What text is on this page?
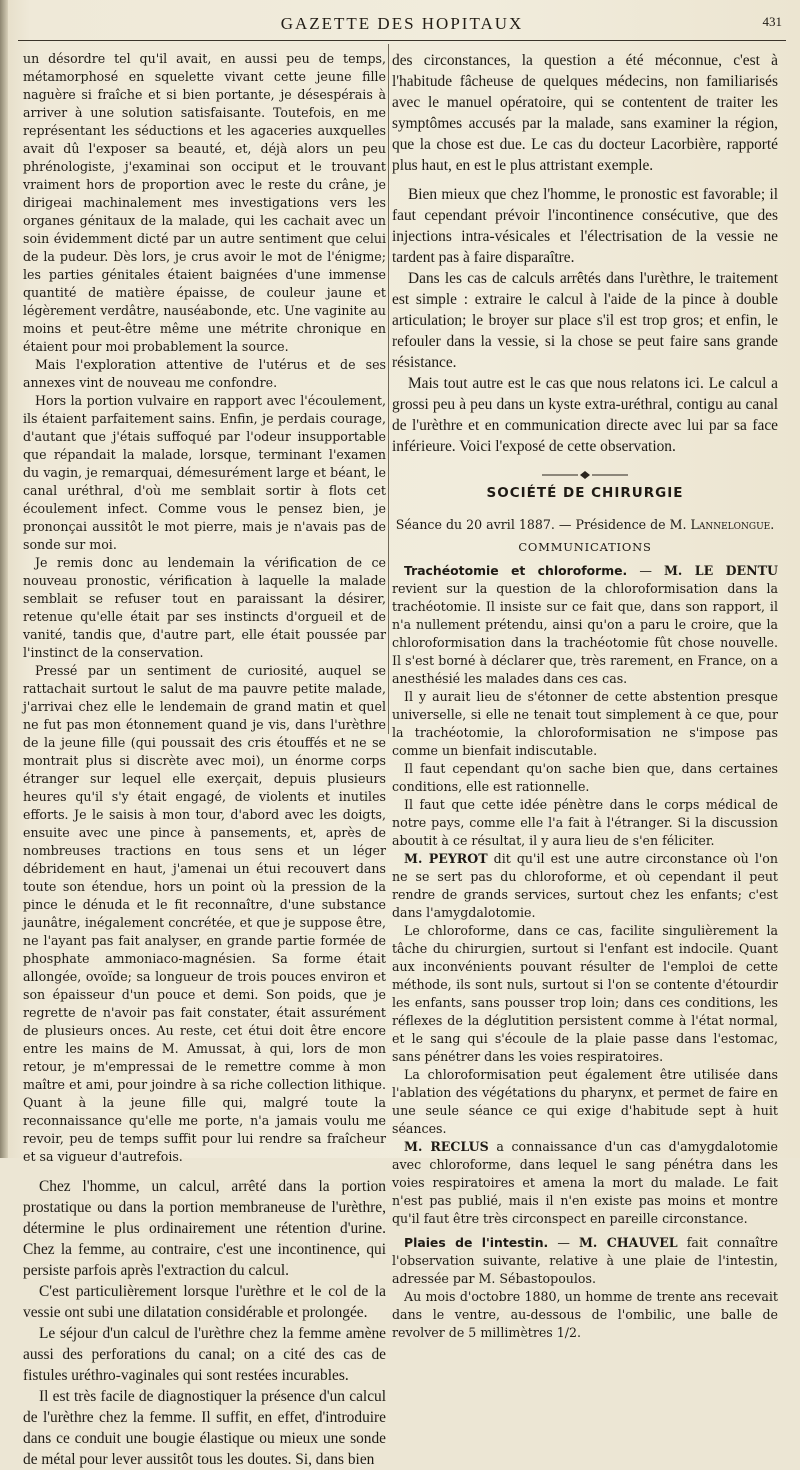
GAZETTE DES HOPITAUX	431

un désordre tel qu'il avait, en aussi peu de temps, métamorphosé en squelette vivant cette jeune fille naguère si fraîche et si bien portante, je désespérais à arriver à une solution satisfaisante. Toutefois, en me représentant les séductions et les agaceries auxquelles avait dû l'exposer sa beauté, et, déjà alors un peu phrénologiste, j'examinai son occiput et le trouvant vraiment hors de proportion avec le reste du crâne, je dirigeai machinalement mes investigations vers les organes génitaux de la malade, qui les cachait avec un soin évidemment dicté par un autre sentiment que celui de la pudeur. Dès lors, je crus avoir le mot de l'énigme; les parties génitales étaient baignées d'une immense quantité de matière épaisse, de couleur jaune et légèrement verdâtre, nauséabonde, etc. Une vaginite au moins et peut-être même une métrite chronique en étaient pour moi probablement la source.

Mais l'exploration attentive de l'utérus et de ses annexes vint de nouveau me confondre.

Hors la portion vulvaire en rapport avec l'écoulement, ils étaient parfaitement sains. Enfin, je perdais courage, d'autant que j'étais suffoqué par l'odeur insupportable que répandait la malade, lorsque, terminant l'examen du vagin, je remarquai, démesurément large et béant, le canal uréthral, d'où me semblait sortir à flots cet écoulement infect. Comme vous le pensez bien, je prononçai aussitôt le mot pierre, mais je n'avais pas de sonde sur moi.

Je remis donc au lendemain la vérification de ce nouveau pronostic, vérification à laquelle la malade semblait se refuser tout en paraissant la désirer, retenue qu'elle était par ses instincts d'orgueil et de vanité, tandis que, d'autre part, elle était poussée par l'instinct de la conservation.

Pressé par un sentiment de curiosité, auquel se rattachait surtout le salut de ma pauvre petite malade, j'arrivai chez elle le lendemain de grand matin et quel ne fut pas mon étonnement quand je vis, dans l'urèthre de la jeune fille (qui poussait des cris étouffés et ne se montrait plus si discrète avec moi), un énorme corps étranger sur lequel elle exerçait, depuis plusieurs heures qu'il s'y était engagé, de violents et inutiles efforts. Je le saisis à mon tour, d'abord avec les doigts, ensuite avec une pince à pansements, et, après de nombreuses tractions en tous sens et un léger débridement en haut, j'amenai un étui recouvert dans toute son étendue, hors un point où la pression de la pince le dénuda et le fit reconnaître, d'une substance jaunâtre, inégalement concrétée, et que je suppose être, ne l'ayant pas fait analyser, en grande partie formée de phosphate ammoniaco-magnésien. Sa forme était allongée, ovoïde; sa longueur de trois pouces environ et son épaisseur d'un pouce et demi. Son poids, que je regrette de n'avoir pas fait constater, était assurément de plusieurs onces. Au reste, cet étui doit être encore entre les mains de M. Amussat, à qui, lors de mon retour, je m'empressai de le remettre comme à mon maître et ami, pour joindre à sa riche collection lithique. Quant à la jeune fille qui, malgré toute la reconnaissance qu'elle me porte, n'a jamais voulu me revoir, peu de temps suffit pour lui rendre sa fraîcheur et sa vigueur d'autrefois.

Chez l'homme, un calcul, arrêté dans la portion prostatique ou dans la portion membraneuse de l'urèthre, détermine le plus ordinairement une rétention d'urine. Chez la femme, au contraire, c'est une incontinence, qui persiste parfois après l'extraction du calcul.

C'est particulièrement lorsque l'urèthre et le col de la vessie ont subi une dilatation considérable et prolongée.

Le séjour d'un calcul de l'urèthre chez la femme amène aussi des perforations du canal; on a cité des cas de fistules uréthro-vaginales qui sont restées incurables.

Il est très facile de diagnostiquer la présence d'un calcul de l'urèthre chez la femme. Il suffit, en effet, d'introduire dans ce conduit une bougie élastique ou mieux une sonde de métal pour lever aussitôt tous les doutes. Si, dans bien

des circonstances, la question a été méconnue, c'est à l'habitude fâcheuse de quelques médecins, non familiarisés avec le manuel opératoire, qui se contentent de traiter les symptômes accusés par la malade, sans examiner la région, que la chose est due. Le cas du docteur Lacorbière, rapporté plus haut, en est le plus attristant exemple.

Bien mieux que chez l'homme, le pronostic est favorable; il faut cependant prévoir l'incontinence consécutive, que des injections intra-vésicales et l'électrisation de la vessie ne tardent pas à faire disparaître.

Dans les cas de calculs arrêtés dans l'urèthre, le traitement est simple : extraire le calcul à l'aide de la pince à double articulation; le broyer sur place s'il est trop gros; et enfin, le refouler dans la vessie, si la chose se peut faire sans grande résistance.

Mais tout autre est le cas que nous relatons ici. Le calcul a grossi peu à peu dans un kyste extra-uréthral, contigu au canal de l'urèthre et en communication directe avec lui par sa face inférieure. Voici l'exposé de cette observation.

SOCIÉTÉ DE CHIRURGIE
Séance du 20 avril 1887. — Présidence de M. Lannelongue.
COMMUNICATIONS

Trachéotomie et chloroforme. — M. LE DENTU revient sur la question de la chloroformisation dans la trachéotomie. Il insiste sur ce fait que, dans son rapport, il n'a nullement prétendu, ainsi qu'on a paru le croire, que la chloroformisation dans la trachéotomie fût chose nouvelle. Il s'est borné à déclarer que, très rarement, en France, on a anesthésié les malades dans ces cas.

Il y aurait lieu de s'étonner de cette abstention presque universelle, si elle ne tenait tout simplement à ce que, pour la trachéotomie, la chloroformisation ne s'impose pas comme un bienfait indiscutable.

Il faut cependant qu'on sache bien que, dans certaines conditions, elle est rationnelle.

Il faut que cette idée pénètre dans le corps médical de notre pays, comme elle l'a fait à l'étranger. Si la discussion aboutit à ce résultat, il y aura lieu de s'en féliciter.

M. PEYROT dit qu'il est une autre circonstance où l'on ne se sert pas du chloroforme, et où cependant il peut rendre de grands services, surtout chez les enfants; c'est dans l'amygdalotomie.

Le chloroforme, dans ce cas, facilite singulièrement la tâche du chirurgien, surtout si l'enfant est indocile. Quant aux inconvénients pouvant résulter de l'emploi de cette méthode, ils sont nuls, surtout si l'on se contente d'étourdir les enfants, sans pousser trop loin; dans ces conditions, les réflexes de la déglutition persistent comme à l'état normal, et le sang qui s'écoule de la plaie passe dans l'estomac, sans pénétrer dans les voies respiratoires.

La chloroformisation peut également être utilisée dans l'ablation des végétations du pharynx, et permet de faire en une seule séance ce qui exige d'habitude sept à huit séances.

M. RECLUS a connaissance d'un cas d'amygdalotomie avec chloroforme, dans lequel le sang pénétra dans les voies respiratoires et amena la mort du malade. Le fait n'est pas publié, mais il n'en existe pas moins et montre qu'il faut être très circonspect en pareille circonstance.

Plaies de l'intestin. — M. CHAUVEL fait connaître l'observation suivante, relative à une plaie de l'intestin, adressée par M. Sébastopoulos.

Au mois d'octobre 1880, un homme de trente ans recevait dans le ventre, au-dessous de l'ombilic, une balle de revolver de 5 millimètres 1/2.
